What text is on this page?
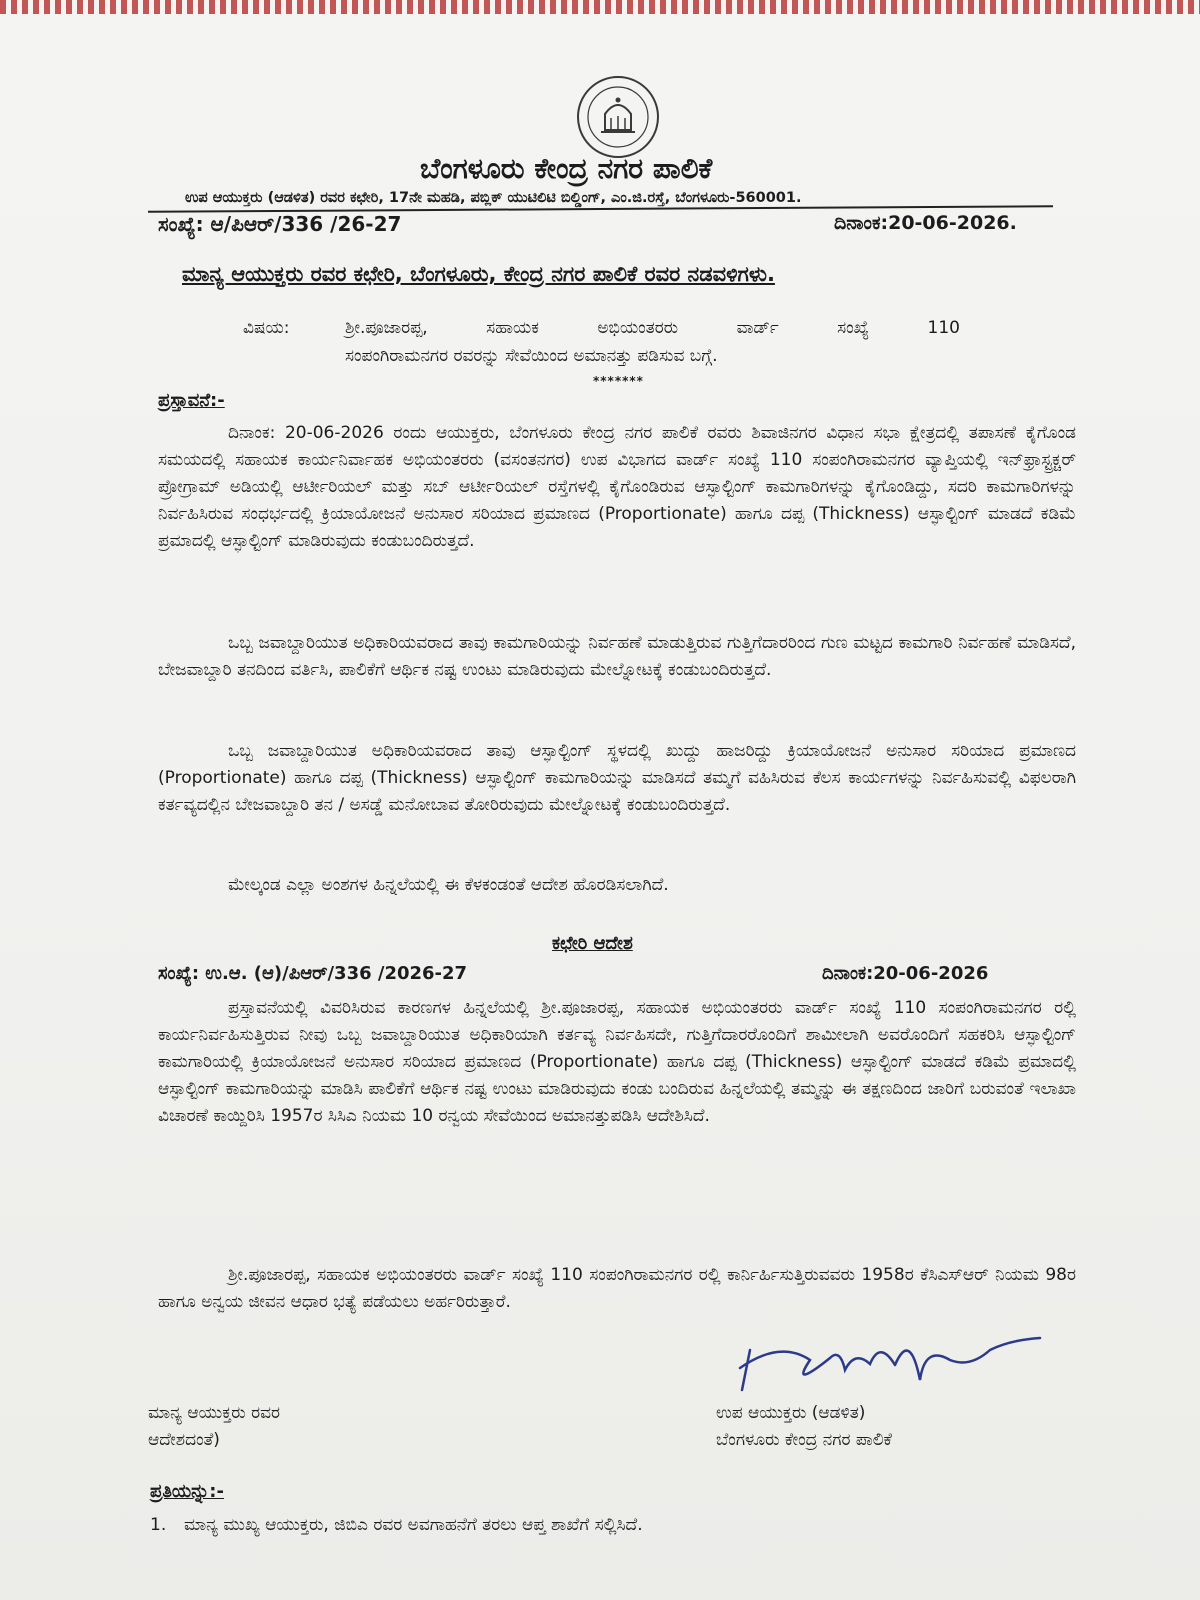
ಬೆಂಗಳೂರು ಕೇಂದ್ರ ನಗರ ಪಾಲಿಕೆ
ಉಪ ಆಯುಕ್ತರು (ಆಡಳಿತ) ರವರ ಕಛೇರಿ, 17ನೇ ಮಹಡಿ, ಪಬ್ಲಿಕ್ ಯುಟಿಲಿಟಿ ಬಿಲ್ಡಿಂಗ್, ಎಂ.ಜಿ.ರಸ್ತೆ, ಬೆಂಗಳೂರು-560001.
ಸಂಖ್ಯೆ: ಆ/ಪಿಆರ್/336 /26-27	ದಿನಾಂಕ:20-06-2026.
ಮಾನ್ಯ ಆಯುಕ್ತರು ರವರ ಕಛೇರಿ, ಬೆಂಗಳೂರು, ಕೇಂದ್ರ ನಗರ ಪಾಲಿಕೆ ರವರ ನಡವಳಿಗಳು.
ವಿಷಯ:	ಶ್ರೀ.ಪೂಜಾರಪ್ಪ, ಸಹಾಯಕ ಅಭಿಯಂತರರು ವಾರ್ಡ್ ಸಂಖ್ಯೆ 110
ಸಂಪಂಗಿರಾಮನಗರ ರವರನ್ನು ಸೇವೆಯಿಂದ ಅಮಾನತ್ತು ಪಡಿಸುವ ಬಗ್ಗೆ.
*******
ಪ್ರಸ್ತಾವನೆ:-
ದಿನಾಂಕ: 20-06-2026 ರಂದು ಆಯುಕ್ತರು, ಬೆಂಗಳೂರು ಕೇಂದ್ರ ನಗರ ಪಾಲಿಕೆ ರವರು ಶಿವಾಜಿನಗರ ವಿಧಾನ ಸಭಾ ಕ್ಷೇತ್ರದಲ್ಲಿ ತಪಾಸಣೆ ಕೈಗೊಂಡ ಸಮಯದಲ್ಲಿ ಸಹಾಯಕ ಕಾರ್ಯನಿರ್ವಾಹಕ ಅಭಿಯಂತರರು (ವಸಂತನಗರ) ಉಪ ವಿಭಾಗದ ವಾರ್ಡ್ ಸಂಖ್ಯೆ 110 ಸಂಪಂಗಿರಾಮನಗರ ವ್ಯಾಪ್ತಿಯಲ್ಲಿ ಇನ್‌ಫ್ರಾಸ್ಟ್ರಕ್ಚರ್ ಪ್ರೋಗ್ರಾಮ್ ಅಡಿಯಲ್ಲಿ ಆರ್ಟೀರಿಯಲ್ ಮತ್ತು ಸಬ್ ಆರ್ಟೀರಿಯಲ್ ರಸ್ತೆಗಳಲ್ಲಿ ಕೈಗೊಂಡಿರುವ ಆಸ್ಫಾಲ್ಟಿಂಗ್ ಕಾಮಗಾರಿಗಳನ್ನು ಕೈಗೊಂಡಿದ್ದು, ಸದರಿ ಕಾಮಗಾರಿಗಳನ್ನು ನಿರ್ವಹಿಸಿರುವ ಸಂಧರ್ಭದಲ್ಲಿ ಕ್ರಿಯಾಯೋಜನೆ ಅನುಸಾರ ಸರಿಯಾದ ಪ್ರಮಾಣದ (Proportionate) ಹಾಗೂ ದಪ್ಪ (Thickness) ಆಸ್ಫಾಲ್ಟಿಂಗ್ ಮಾಡದೆ ಕಡಿಮೆ ಪ್ರಮಾದಲ್ಲಿ ಆಸ್ಫಾಲ್ಟಿಂಗ್ ಮಾಡಿರುವುದು ಕಂಡುಬಂದಿರುತ್ತದೆ.
ಒಬ್ಬ ಜವಾಬ್ದಾರಿಯುತ ಅಧಿಕಾರಿಯವರಾದ ತಾವು ಕಾಮಗಾರಿಯನ್ನು ನಿರ್ವಹಣೆ ಮಾಡುತ್ತಿರುವ ಗುತ್ತಿಗೆದಾರರಿಂದ ಗುಣ ಮಟ್ಟದ ಕಾಮಗಾರಿ ನಿರ್ವಹಣೆ ಮಾಡಿಸದೆ, ಬೇಜವಾಬ್ದಾರಿ ತನದಿಂದ ವರ್ತಿಸಿ, ಪಾಲಿಕೆಗೆ ಆರ್ಥಿಕ ನಷ್ಟ ಉಂಟು ಮಾಡಿರುವುದು ಮೇಲ್ನೋಟಕ್ಕೆ ಕಂಡುಬಂದಿರುತ್ತದೆ.
ಒಬ್ಬ ಜವಾಬ್ದಾರಿಯುತ ಅಧಿಕಾರಿಯವರಾದ ತಾವು ಆಸ್ಫಾಲ್ಟಿಂಗ್ ಸ್ಥಳದಲ್ಲಿ ಖುದ್ದು ಹಾಜರಿದ್ದು ಕ್ರಿಯಾಯೋಜನೆ ಅನುಸಾರ ಸರಿಯಾದ ಪ್ರಮಾಣದ (Proportionate) ಹಾಗೂ ದಪ್ಪ (Thickness) ಆಸ್ಫಾಲ್ಟಿಂಗ್ ಕಾಮಗಾರಿಯನ್ನು ಮಾಡಿಸದೆ ತಮ್ಮಗೆ ವಹಿಸಿರುವ ಕೆಲಸ ಕಾರ್ಯಗಳನ್ನು ನಿರ್ವಹಿಸುವಲ್ಲಿ ವಿಫಲರಾಗಿ ಕರ್ತವ್ಯದಲ್ಲಿನ ಬೇಜವಾಬ್ದಾರಿ ತನ / ಅಸಡ್ಡೆ ಮನೋಬಾವ ತೋರಿರುವುದು ಮೇಲ್ನೋಟಕ್ಕೆ ಕಂಡುಬಂದಿರುತ್ತದೆ.
ಮೇಲ್ಕಂಡ ಎಲ್ಲಾ ಅಂಶಗಳ ಹಿನ್ನಲೆಯಲ್ಲಿ ಈ ಕೆಳಕಂಡಂತೆ ಆದೇಶ ಹೊರಡಿಸಲಾಗಿದೆ.
ಕಛೇರಿ ಆದೇಶ
ಸಂಖ್ಯೆ: ಉ.ಆ. (ಆ)/ಪಿಆರ್/336 /2026-27	ದಿನಾಂಕ:20-06-2026
ಪ್ರಸ್ತಾವನೆಯಲ್ಲಿ ವಿವರಿಸಿರುವ ಕಾರಣಗಳ ಹಿನ್ನಲೆಯಲ್ಲಿ ಶ್ರೀ.ಪೂಜಾರಪ್ಪ, ಸಹಾಯಕ ಅಭಿಯಂತರರು ವಾರ್ಡ್ ಸಂಖ್ಯೆ 110 ಸಂಪಂಗಿರಾಮನಗರ ರಲ್ಲಿ ಕಾರ್ಯನಿರ್ವಹಿಸುತ್ತಿರುವ ನೀವು ಒಬ್ಬ ಜವಾಬ್ದಾರಿಯುತ ಅಧಿಕಾರಿಯಾಗಿ ಕರ್ತವ್ಯ ನಿರ್ವಹಿಸದೇ, ಗುತ್ತಿಗೆದಾರರೊಂದಿಗೆ ಶಾಮೀಲಾಗಿ ಅವರೊಂದಿಗೆ ಸಹಕರಿಸಿ ಆಸ್ಫಾಲ್ಟಿಂಗ್ ಕಾಮಗಾರಿಯಲ್ಲಿ ಕ್ರಿಯಾಯೋಜನೆ ಅನುಸಾರ ಸರಿಯಾದ ಪ್ರಮಾಣದ (Proportionate) ಹಾಗೂ ದಪ್ಪ (Thickness) ಆಸ್ಫಾಲ್ಟಿಂಗ್ ಮಾಡದೆ ಕಡಿಮೆ ಪ್ರಮಾದಲ್ಲಿ ಆಸ್ಫಾಲ್ಟಿಂಗ್ ಕಾಮಗಾರಿಯನ್ನು ಮಾಡಿಸಿ ಪಾಲಿಕೆಗೆ ಆರ್ಥಿಕ ನಷ್ಟ ಉಂಟು ಮಾಡಿರುವುದು ಕಂಡು ಬಂದಿರುವ ಹಿನ್ನಲೆಯಲ್ಲಿ ತಮ್ಮನ್ನು ಈ ತಕ್ಷಣದಿಂದ ಜಾರಿಗೆ ಬರುವಂತೆ ಇಲಾಖಾ ವಿಚಾರಣೆ ಕಾಯ್ದಿರಿಸಿ 1957ರ ಸಿಸಿಎ ನಿಯಮ 10 ರನ್ವಯ ಸೇವೆಯಿಂದ ಅಮಾನತ್ತುಪಡಿಸಿ ಆದೇಶಿಸಿದೆ.
ಶ್ರೀ.ಪೂಜಾರಪ್ಪ, ಸಹಾಯಕ ಅಭಿಯಂತರರು ವಾರ್ಡ್ ಸಂಖ್ಯೆ 110 ಸಂಪಂಗಿರಾಮನಗರ ರಲ್ಲಿ ಕಾರ್ನಿರ್ಹಿಸುತ್ತಿರುವವರು 1958ರ ಕೆಸಿಎಸ್‌ಆರ್ ನಿಯಮ 98ರ ಹಾಗೂ ಅನ್ವಯ ಜೀವನ ಆಧಾರ ಭತ್ಯೆ ಪಡೆಯಲು ಅರ್ಹರಿರುತ್ತಾರೆ.
ಮಾನ್ಯ ಆಯುಕ್ತರು ರವರ
ಆದೇಶದಂತೆ)
ಉಪ ಆಯುಕ್ತರು (ಆಡಳಿತ)
ಬೆಂಗಳೂರು ಕೇಂದ್ರ ನಗರ ಪಾಲಿಕೆ
ಪ್ರತಿಯನ್ನು:-
1. ಮಾನ್ಯ ಮುಖ್ಯ ಆಯುಕ್ತರು, ಜಿಬಿಎ ರವರ ಅವಗಾಹನೆಗೆ ತರಲು ಆಪ್ತ ಶಾಖೆಗೆ ಸಲ್ಲಿಸಿದೆ.
